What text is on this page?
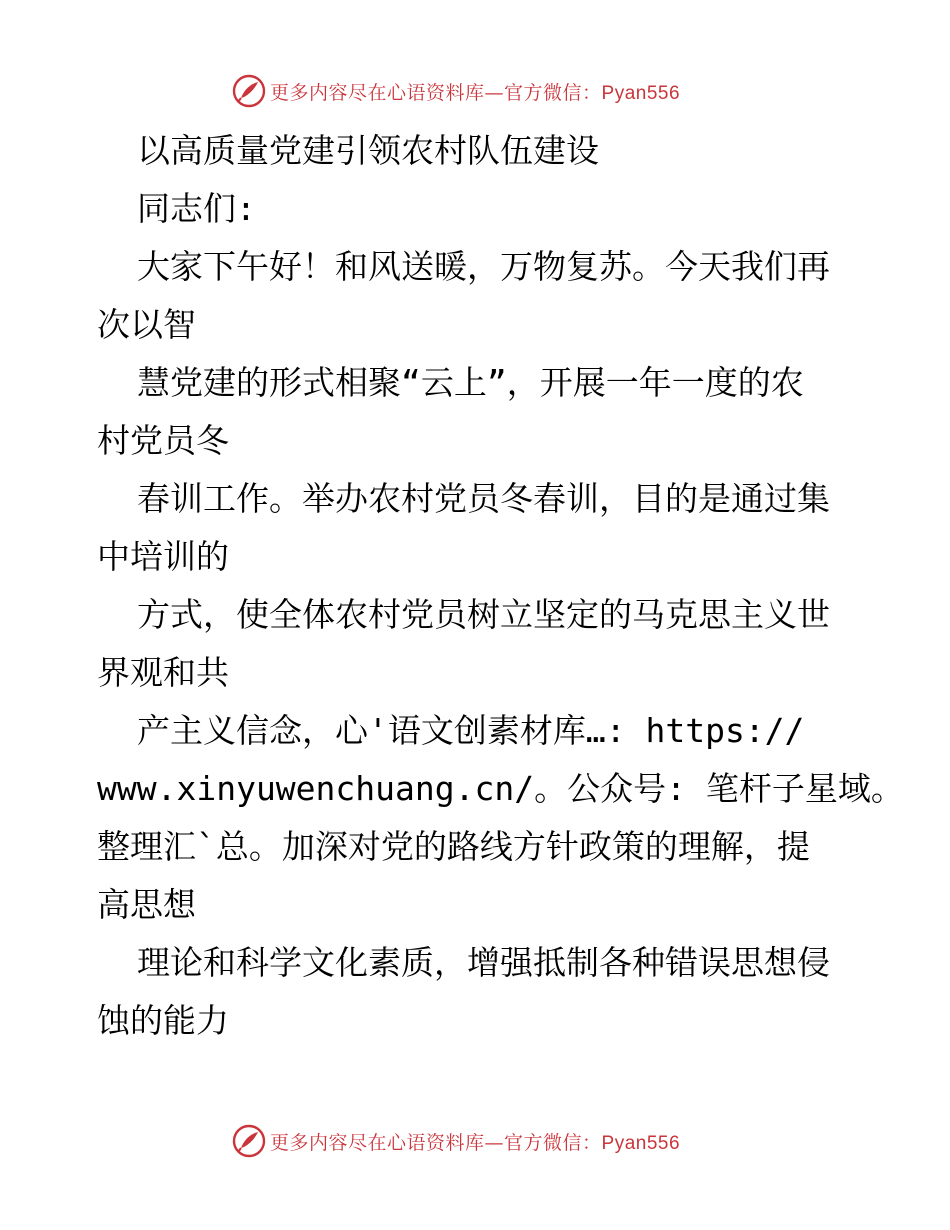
更多内容尽在心语资料库—官方微信：Pyan556
以高质量党建引领农村队伍建设
同志们:
大家下午好！和风送暖，万物复苏。今天我们再
次以智
慧党建的形式相聚“云上”，开展一年一度的农
村党员冬
春训工作。举办农村党员冬春训，目的是通过集
中培训的
方式，使全体农村党员树立坚定的马克思主义世
界观和共
产主义信念，心'语文创素材库…: https://
www.xinyuwenchuang.cn/。公众号: 笔杆子星域。
整理汇`总。加深对党的路线方针政策的理解，提
高思想
理论和科学文化素质，增强抵制各种错误思想侵
蚀的能力
更多内容尽在心语资料库—官方微信：Pyan556
